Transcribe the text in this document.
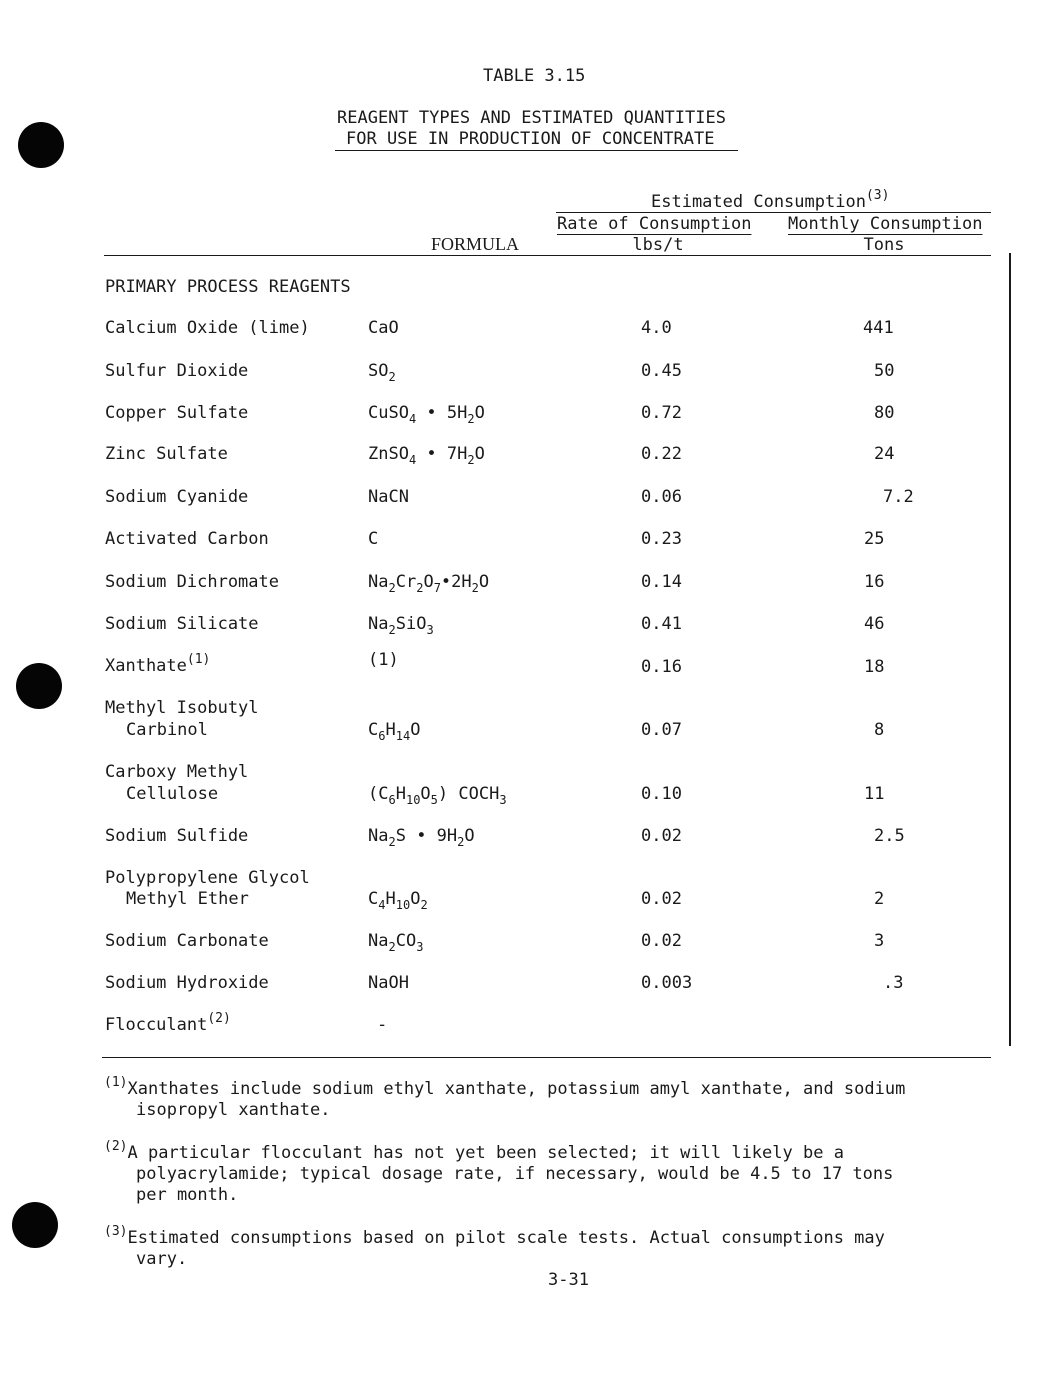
TABLE 3.15
REAGENT TYPES AND ESTIMATED QUANTITIES
FOR USE IN PRODUCTION OF CONCENTRATE
Estimated Consumption$^{(3)}$
Rate of Consumption
lbs/t
Monthly Consumption
Tons
FORMULA
PRIMARY PROCESS REAGENTS
Calcium Oxide (lime)	CaO	4.0	441
Sulfur Dioxide	$SO_2$	0.45	50
Copper Sulfate	CuSO$_4$ • $5H_2O$	0.72	80
Zinc Sulfate	ZnSO$_4$ • $7H_2O$	0.22	24
Sodium Cyanide	NaCN	0.06	7.2
Activated Carbon	C	0.23	25
Sodium Dichromate	$Na_2Cr_2O_7•2H_2O$	0.14	16
Sodium Silicate	$Na_2SiO_3$	0.41	46
Xanthate$^{(1)}$	(1)	0.16	18
Methyl Isobutyl
Carbinol	$C_6H_{14}O$	0.07	8
Carboxy Methyl
Cellulose	$(C_6H_{10}O_5)$ $COCH_3$	0.10	11
Sodium Sulfide	$Na_2S$ • $9H_2O$	0.02	2.5
Polypropylene Glycol
Methyl Ether	$C_4H_{10}O_2$	0.02	2
Sodium Carbonate	$Na_2CO_3$	0.02	3
Sodium Hydroxide	NaOH	0.003	.3
Flocculant$^{(2)}$	-
$^{(1)}$Xanthates include sodium ethyl xanthate, potassium amyl xanthate, and sodium
isopropyl xanthate.
$^{(2)}$A particular flocculant has not yet been selected; it will likely be a
polyacrylamide; typical dosage rate, if necessary, would be 4.5 to 17 tons
per month.
$^{(3)}$Estimated consumptions based on pilot scale tests. Actual consumptions may
vary.
3-31
